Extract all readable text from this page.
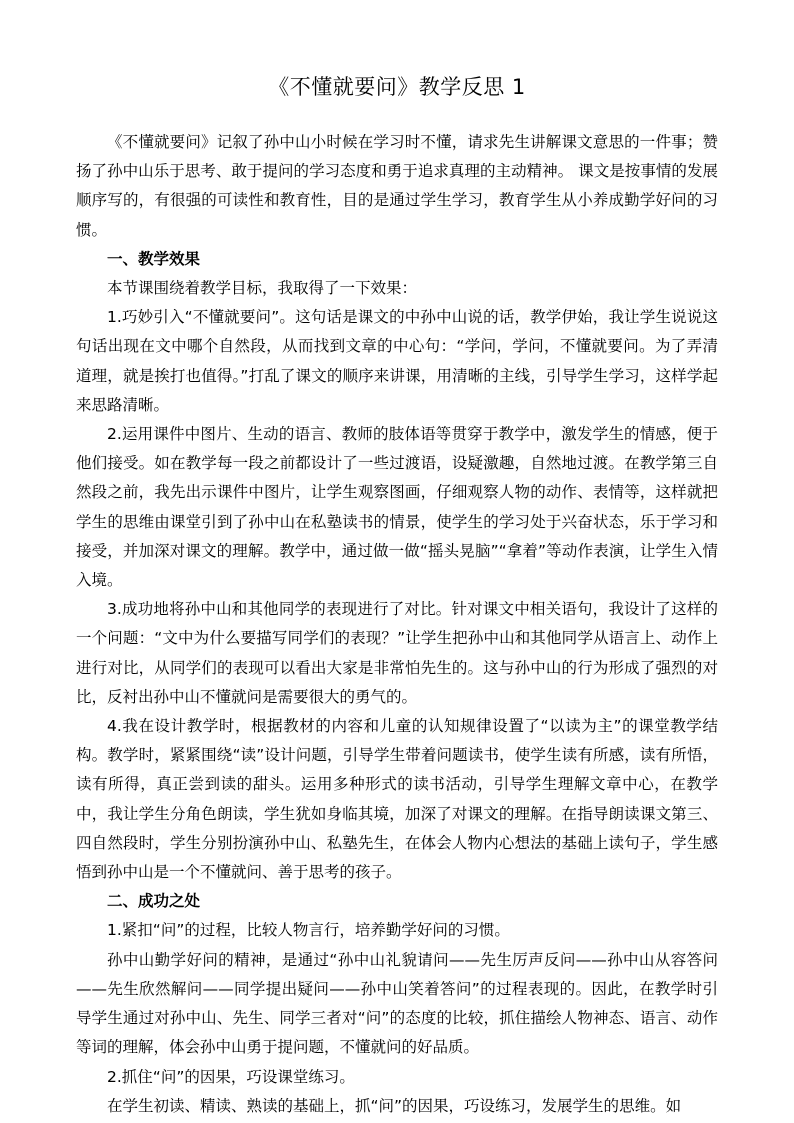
《不懂就要问》教学反思 1

《不懂就要问》记叙了孙中山小时候在学习时不懂，请求先生讲解课文意思的一件事；赞扬了孙中山乐于思考、敢于提问的学习态度和勇于追求真理的主动精神。 课文是按事情的发展顺序写的，有很强的可读性和教育性，目的是通过学生学习，教育学生从小养成勤学好问的习惯。

一、教学效果

本节课围绕着教学目标，我取得了一下效果：

1.巧妙引入“不懂就要问”。这句话是课文的中孙中山说的话，教学伊始，我让学生说说这句话出现在文中哪个自然段，从而找到文章的中心句：“学问，学问，不懂就要问。为了弄清道理，就是挨打也值得。”打乱了课文的顺序来讲课，用清晰的主线，引导学生学习，这样学起来思路清晰。

2.运用课件中图片、生动的语言、教师的肢体语等贯穿于教学中，激发学生的情感，便于他们接受。如在教学每一段之前都设计了一些过渡语，设疑激趣，自然地过渡。在教学第三自然段之前，我先出示课件中图片，让学生观察图画，仔细观察人物的动作、表情等，这样就把学生的思维由课堂引到了孙中山在私塾读书的情景，使学生的学习处于兴奋状态，乐于学习和接受，并加深对课文的理解。教学中，通过做一做“摇头晃脑”“拿着”等动作表演，让学生入情入境。

3.成功地将孙中山和其他同学的表现进行了对比。针对课文中相关语句，我设计了这样的一个问题：“文中为什么要描写同学们的表现？”让学生把孙中山和其他同学从语言上、动作上进行对比，从同学们的表现可以看出大家是非常怕先生的。这与孙中山的行为形成了强烈的对比，反衬出孙中山不懂就问是需要很大的勇气的。

4.我在设计教学时，根据教材的内容和儿童的认知规律设置了“以读为主”的课堂教学结构。教学时，紧紧围绕“读”设计问题，引导学生带着问题读书，使学生读有所感，读有所悟，读有所得，真正尝到读的甜头。运用多种形式的读书活动，引导学生理解文章中心，在教学中，我让学生分角色朗读，学生犹如身临其境，加深了对课文的理解。在指导朗读课文第三、四自然段时，学生分别扮演孙中山、私塾先生，在体会人物内心想法的基础上读句子，学生感悟到孙中山是一个不懂就问、善于思考的孩子。

二、成功之处

1.紧扣“问”的过程，比较人物言行，培养勤学好问的习惯。

孙中山勤学好问的精神，是通过“孙中山礼貌请问——先生厉声反问——孙中山从容答问——先生欣然解问——同学提出疑问——孙中山笑着答问”的过程表现的。因此，在教学时引导学生通过对孙中山、先生、同学三者对“问”的态度的比较，抓住描绘人物神态、语言、动作等词的理解，体会孙中山勇于提问题，不懂就问的好品质。

2.抓住“问”的因果，巧设课堂练习。

在学生初读、精读、熟读的基础上，抓“问”的因果，巧设练习，发展学生的思维。如
